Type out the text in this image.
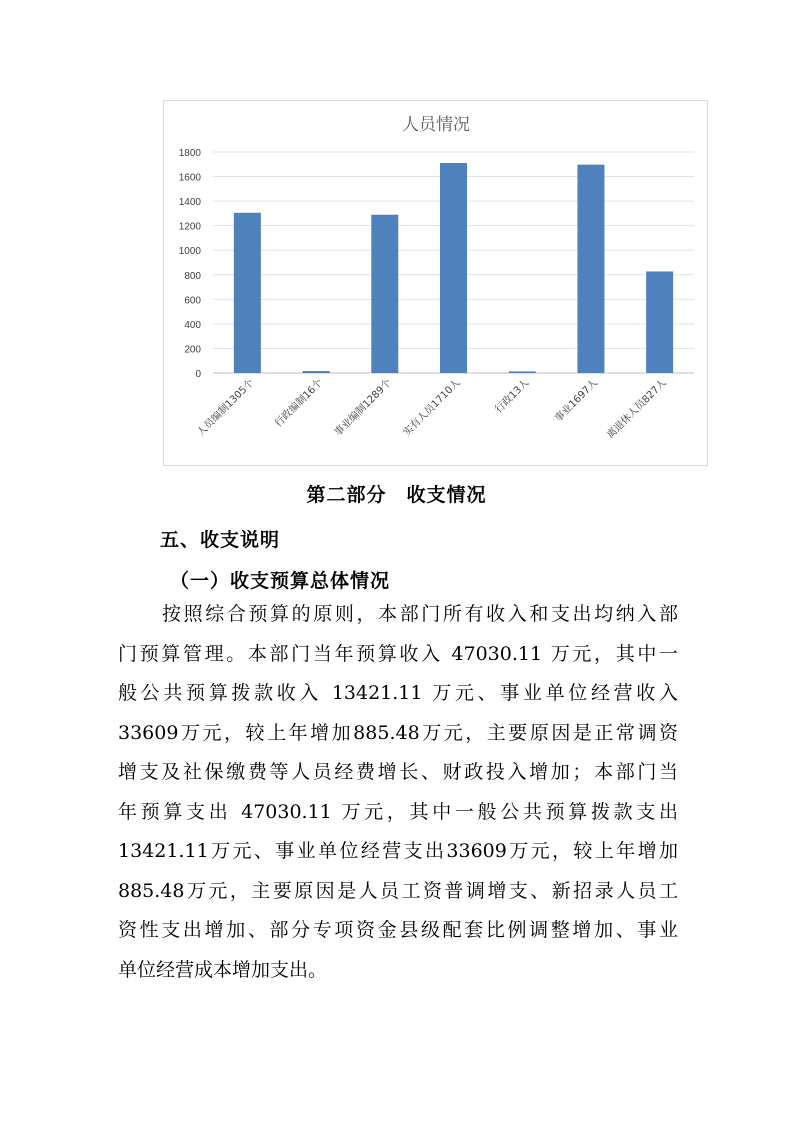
人员情况
0
200
400
600
800
1000
1200
1400
1600
1800
人员编制1305个 行政编制16个 事业编制1289个 实有人员1710人	行政13人 事业1697人 离退休人员827人
第二部分　收支情况
五、收支说明
（一）收支预算总体情况
按照综合预算的原则，本部门所有收入和支出均纳入部
门预算管理。本部门当年预算收入 47030.11 万元，其中一
般公共预算拨款收入 13421.11 万元、事业单位经营收入
33609万元，较上年增加885.48万元，主要原因是正常调资
增支及社保缴费等人员经费增长、财政投入增加；本部门当
年预算支出 47030.11 万元，其中一般公共预算拨款支出
13421.11万元、事业单位经营支出33609万元，较上年增加
885.48万元，主要原因是人员工资普调增支、新招录人员工
资性支出增加、部分专项资金县级配套比例调整增加、事业
单位经营成本增加支出。
